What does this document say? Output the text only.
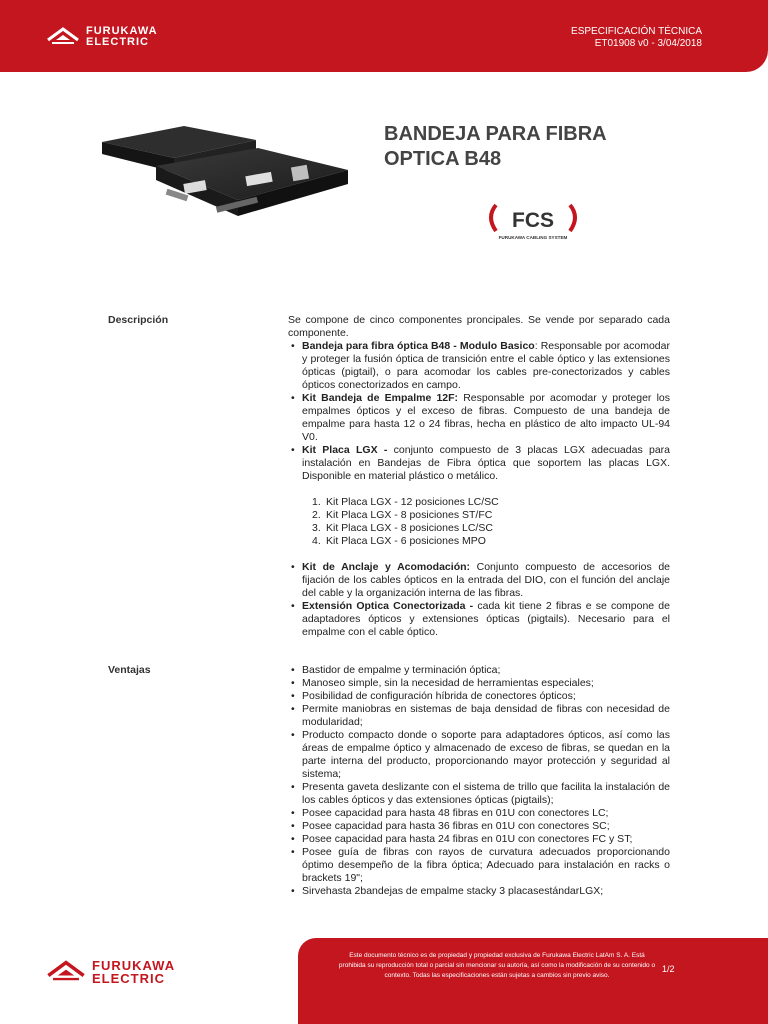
FURUKAWA
ELECTRIC
ESPECIFICACIÓN TÉCNICA
ET01908 v0 - 3/04/2018
BANDEJA PARA FIBRA
OPTICA B48
FCS
FURUKAWA CABLING SYSTEM
Descripción	Se compone de cinco componentes proncipales. Se vende por separado cada componente.

• Bandeja para fibra óptica B48 - Modulo Basico: Responsable por acomodar y proteger la fusión óptica de transición entre el cable óptico y las extensiones ópticas (pigtail), o para acomodar los cables pre-conectorizados y cables ópticos conectorizados en campo.
• Kit Bandeja de Empalme 12F: Responsable por acomodar y proteger los empalmes ópticos y el exceso de fibras. Compuesto de una bandeja de empalme para hasta 12 o 24 fibras, hecha en plástico de alto impacto UL-94 V0.
• Kit Placa LGX - conjunto compuesto de 3 placas LGX adecuadas para instalación en Bandejas de Fibra óptica que soportem las placas LGX. Disponible en material plástico o metálico.
1. Kit Placa LGX - 12 posiciones LC/SC
2. Kit Placa LGX - 8 posiciones ST/FC
3. Kit Placa LGX - 8 posiciones LC/SC
4. Kit Placa LGX - 6 posiciones MPO
• Kit de Anclaje y Acomodación: Conjunto compuesto de accesorios de fijación de los cables ópticos en la entrada del DIO, con el función del anclaje del cable y la organización interna de las fibras.
• Extensión Optica Conectorizada - cada kit tiene 2 fibras e se compone de adaptadores ópticos y extensiones ópticas (pigtails). Necesario para el empalme con el cable óptico.
Ventajas
•	Bastidor de empalme y terminación óptica;
• Manoseo simple, sin la necesidad de herramientas especiales;
• Posibilidad de configuración híbrida de conectores ópticos;
• Permite maniobras en sistemas de baja densidad de fibras con necesidad de modularidad;
• Producto compacto donde o soporte para adaptadores ópticos, así como las áreas de empalme óptico y almacenado de exceso de fibras, se quedan en la parte interna del producto, proporcionando mayor protección y seguridad al sistema;
• Presenta gaveta deslizante con el sistema de trillo que facilita la instalación de los cables ópticos y das extensiones ópticas (pigtails);
• Posee capacidad para hasta 48 fibras en 01U con conectores LC;
• Posee capacidad para hasta 36 fibras en 01U con conectores SC;
• Posee capacidad para hasta 24 fibras en 01U con conectores FC y ST;
• Posee guía de fibras con rayos de curvatura adecuados proporcionando óptimo desempeño de la fibra óptica; Adecuado para instalación en racks o brackets 19";
• Sirvehasta 2bandejas de empalme stacky 3 placasestándarLGX;
Este documento técnico es de propiedad y propiedad exclusiva de Furukawa Electric LatAm S. A. Está prohibida su reproducción total o parcial sin mencionar su autoría, así como la modificación de su contenido o contexto. Todas las especificaciones están sujetas a cambios sin previo aviso.
1/2
FURUKAWA
ELECTRIC
